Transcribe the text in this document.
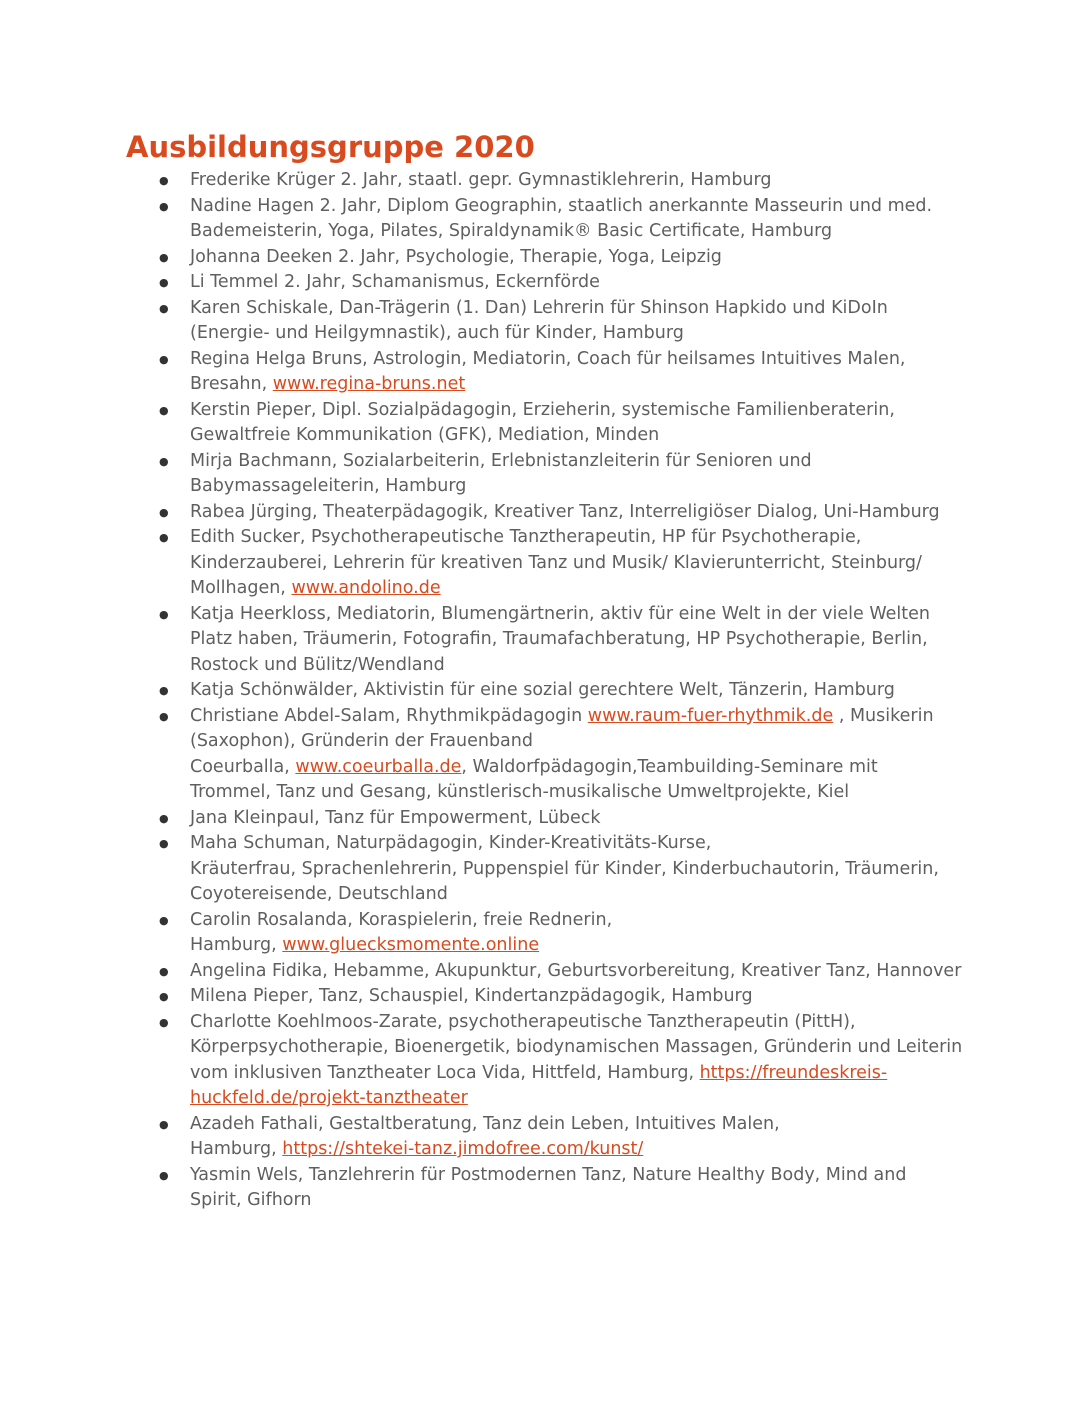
Ausbildungsgruppe 2020
● Frederike Krüger 2. Jahr, staatl. gepr. Gymnastiklehrerin, Hamburg
● Nadine Hagen 2. Jahr, Diplom Geographin, staatlich anerkannte Masseurin und med.
Bademeisterin, Yoga, Pilates, Spiraldynamik® Basic Certificate, Hamburg
● Johanna Deeken 2. Jahr, Psychologie, Therapie, Yoga, Leipzig
● Li Temmel 2. Jahr, Schamanismus, Eckernförde
● Karen Schiskale, Dan-Trägerin (1. Dan) Lehrerin für Shinson Hapkido und KiDoIn
(Energie- und Heilgymnastik), auch für Kinder, Hamburg
● Regina Helga Bruns, Astrologin, Mediatorin, Coach für heilsames Intuitives Malen,
Bresahn, www.regina-bruns.net
● Kerstin Pieper, Dipl. Sozialpädagogin, Erzieherin, systemische Familienberaterin,
Gewaltfreie Kommunikation (GFK), Mediation, Minden
● Mirja Bachmann, Sozialarbeiterin, Erlebnistanzleiterin für Senioren und
Babymassageleiterin, Hamburg
● Rabea Jürging, Theaterpädagogik, Kreativer Tanz, Interreligiöser Dialog, Uni-Hamburg
● Edith Sucker, Psychotherapeutische Tanztherapeutin, HP für Psychotherapie,
Kinderzauberei, Lehrerin für kreativen Tanz und Musik/ Klavierunterricht, Steinburg/
Mollhagen, www.andolino.de
● Katja Heerkloss, Mediatorin, Blumengärtnerin, aktiv für eine Welt in der viele Welten
Platz haben, Träumerin, Fotografin, Traumafachberatung, HP Psychotherapie, Berlin,
Rostock und Bülitz/Wendland
● Katja Schönwälder, Aktivistin für eine sozial gerechtere Welt, Tänzerin, Hamburg
● Christiane Abdel-Salam, Rhythmikpädagogin www.raum-fuer-rhythmik.de , Musikerin
(Saxophon), Gründerin der Frauenband
Coeurballa, www.coeurballa.de, Waldorfpädagogin,Teambuilding-Seminare mit
Trommel, Tanz und Gesang, künstlerisch-musikalische Umweltprojekte, Kiel
● Jana Kleinpaul, Tanz für Empowerment, Lübeck
● Maha Schuman, Naturpädagogin, Kinder-Kreativitäts-Kurse,
Kräuterfrau, Sprachenlehrerin, Puppenspiel für Kinder, Kinderbuchautorin, Träumerin,
Coyotereisende, Deutschland
● Carolin Rosalanda, Koraspielerin, freie Rednerin,
Hamburg, www.gluecksmomente.online
● Angelina Fidika, Hebamme, Akupunktur, Geburtsvorbereitung, Kreativer Tanz, Hannover
● Milena Pieper, Tanz, Schauspiel, Kindertanzpädagogik, Hamburg
● Charlotte Koehlmoos-Zarate, psychotherapeutische Tanztherapeutin (PittH),
Körperpsychotherapie, Bioenergetik, biodynamischen Massagen, Gründerin und Leiterin
vom inklusiven Tanztheater Loca Vida, Hittfeld, Hamburg, https://freundeskreis-
huckfeld.de/projekt-tanztheater
● Azadeh Fathali, Gestaltberatung, Tanz dein Leben, Intuitives Malen,
Hamburg, https://shtekei-tanz.jimdofree.com/kunst/
● Yasmin Wels, Tanzlehrerin für Postmodernen Tanz, Nature Healthy Body, Mind and
Spirit, Gifhorn
